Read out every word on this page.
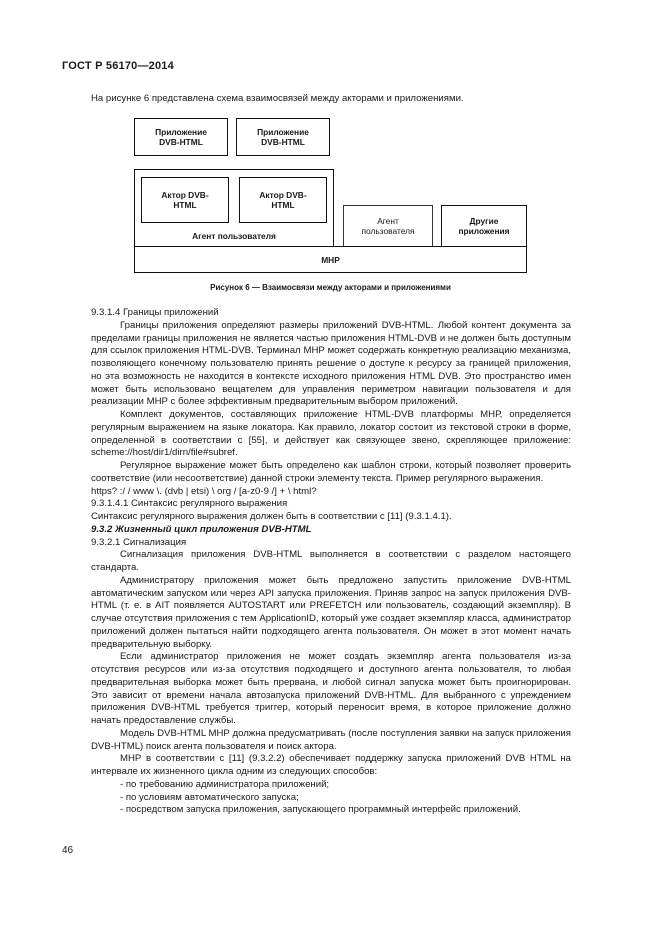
ГОСТ Р 56170—2014
На рисунке 6 представлена схема взаимосвязей между акторами и приложениями.
Приложение DVB-HTML
Приложение DVB-HTML
Агент пользователя
Актор DVB-HTML
Актор DVB-HTML
Агент пользователя
Другие приложения
МНР
Рисунок 6 — Взаимосвязи между акторами и приложениями

9.3.1.4 Границы приложений

Границы приложения определяют размеры приложений DVB-HTML. Любой контент документа за пределами границы приложения не является частью приложения HTML-DVB и не должен быть доступным для ссылок приложения HTML-DVB. Терминал МНР может содержать конкретную реализацию механизма, позволяющего конечному пользователю принять решение о доступе к ресурсу за границей приложения, но эта возможность не находится в контексте исходного приложения HTML DVB. Это пространство имен может быть использовано вещателем для управления периметром навигации пользователя и для реализации МНР с более эффективным предварительным выбором приложений.

Комплект документов, составляющих приложение HTML-DVB платформы МНР, определяется регулярным выражением на языке локатора. Как правило, локатор состоит из текстовой строки в форме, определенной в соответствии с [55], и действует как связующее звено, скрепляющее приложение: scheme://host/dir1/dirn/file#subref.

Регулярное выражение может быть определено как шаблон строки, который позволяет проверить соответствие (или несоответствие) данной строки элементу текста. Пример регулярного выражения.

https? :/ / www \. (dvb | etsi) \ org / [a-z0-9 /] + \ html?

9.3.1.4.1 Синтаксис регулярного выражения

Синтаксис регулярного выражения должен быть в соответствии с [11] (9.3.1.4.1).

9.3.2 Жизненный цикл приложения DVB-HTML

9.3.2.1 Сигнализация

Сигнализация приложения DVB-HTML выполняется в соответствии с разделом настоящего стандарта.

Администратору приложения может быть предложено запустить приложение DVB-HTML автоматическим запуском или через API запуска приложения. Приняв запрос на запуск приложения DVB-HTML (т. е. в AIT появляется AUTOSTART или PREFETCH или пользователь, создающий экземпляр). В случае отсутствия приложения с тем ApplicationID, который уже создает экземпляр класса, администратор приложений должен пытаться найти подходящего агента пользователя. Он может в этот момент начать предварительную выборку.

Если администратор приложения не может создать экземпляр агента пользователя из-за отсутствия ресурсов или из-за отсутствия подходящего и доступного агента пользователя, то любая предварительная выборка может быть прервана, и любой сигнал запуска может быть проигнорирован. Это зависит от времени начала автозапуска приложений DVB-HTML. Для выбранного с упреждением приложения DVB-HTML требуется триггер, который переносит время, в которое приложение должно начать предоставление службы.

Модель DVB-HTML МНР должна предусматривать (после поступления заявки на запуск приложения DVB-HTML) поиск агента пользователя и поиск актора.

МНР в соответствии с [11] (9.3.2.2) обеспечивает поддержку запуска приложений DVB HTML на интервале их жизненного цикла одним из следующих способов:

- по требованию администратора приложений;

- по условиям автоматического запуска;

- посредством запуска приложения, запускающего программный интерфейс приложений.

46
